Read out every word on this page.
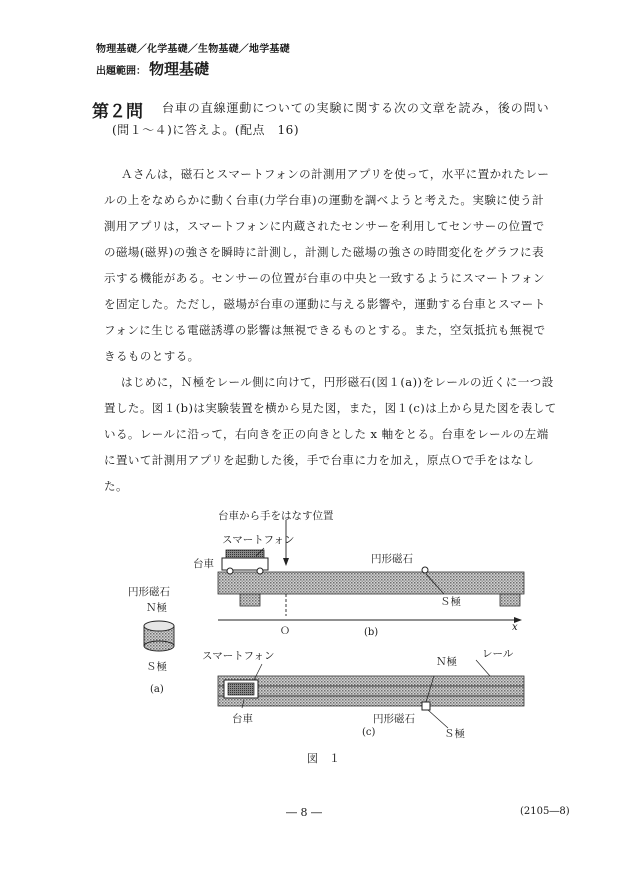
物理基礎／化学基礎／生物基礎／地学基礎
出題範囲： 物理基礎
第２問 台車の直線運動についての実験に関する次の文章を読み，後の問い
(問１～４)に答えよ。(配点　16)
Ａさんは，磁石とスマートフォンの計測用アプリを使って，水平に置かれたレー
ルの上をなめらかに動く台車(力学台車)の運動を調べようと考えた。実験に使う計
測用アプリは，スマートフォンに内蔵されたセンサーを利用してセンサーの位置で
の磁場(磁界)の強さを瞬時に計測し，計測した磁場の強さの時間変化をグラフに表
示する機能がある。センサーの位置が台車の中央と一致するようにスマートフォン
を固定した。ただし，磁場が台車の運動に与える影響や，運動する台車とスマート
フォンに生じる電磁誘導の影響は無視できるものとする。また，空気抵抗も無視で
きるものとする。
はじめに，Ｎ極をレール側に向けて，円形磁石(図１(a))をレールの近くに一つ設
置した。図１(b)は実験装置を横から見た図，また，図１(c)は上から見た図を表して
いる。レールに沿って，右向きを正の向きとした x 軸をとる。台車をレールの左端
に置いて計測用アプリを起動した後，手で台車に力を加え，原点Ｏで手をはなし
た。
台車から手をはなす位置
スマートフォン
台車	円形磁石
Ｓ極
Ｏ	x
(b)
円形磁石
Ｎ極
Ｓ極
(a)
スマートフォン	Ｎ極
レール
台車	円形磁石
Ｓ極
(c)
図　１
― 8 ―	(2105―8)
